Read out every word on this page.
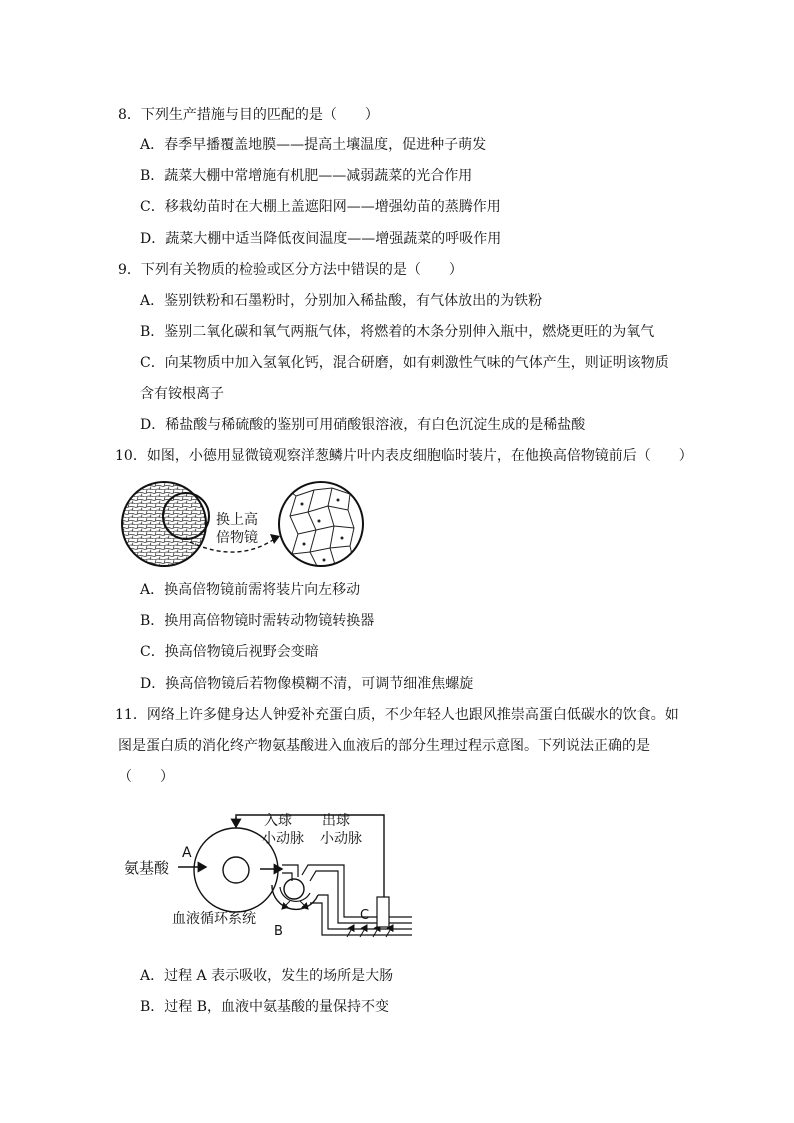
8．下列生产措施与目的匹配的是（　　）
A．春季早播覆盖地膜——提高土壤温度，促进种子萌发
B．蔬菜大棚中常增施有机肥——减弱蔬菜的光合作用
C．移栽幼苗时在大棚上盖遮阳网——增强幼苗的蒸腾作用
D．蔬菜大棚中适当降低夜间温度——增强蔬菜的呼吸作用
9．下列有关物质的检验或区分方法中错误的是（　　）
A．鉴别铁粉和石墨粉时，分别加入稀盐酸，有气体放出的为铁粉
B．鉴别二氧化碳和氧气两瓶气体，将燃着的木条分别伸入瓶中，燃烧更旺的为氧气
C．向某物质中加入氢氧化钙，混合研磨，如有刺激性气味的气体产生，则证明该物质
含有铵根离子
D．稀盐酸与稀硫酸的鉴别可用硝酸银溶液，有白色沉淀生成的是稀盐酸
10．如图，小德用显微镜观察洋葱鳞片叶内表皮细胞临时装片，在他换高倍物镜前后（　　）
换上高
倍物镜
A．换高倍物镜前需将装片向左移动
B．换用高倍物镜时需转动物镜转换器
C．换高倍物镜后视野会变暗
D．换高倍物镜后若物像模糊不清，可调节细准焦螺旋
11．网络上许多健身达人钟爱补充蛋白质，不少年轻人也跟风推崇高蛋白低碳水的饮食。如
图是蛋白质的消化终产物氨基酸进入血液后的部分生理过程示意图。下列说法正确的是
（　　）
A
氨基酸
C
B
入球
小动脉
出球
小动脉
血液循环系统
A．过程 A 表示吸收，发生的场所是大肠
B．过程 B，血液中氨基酸的量保持不变
